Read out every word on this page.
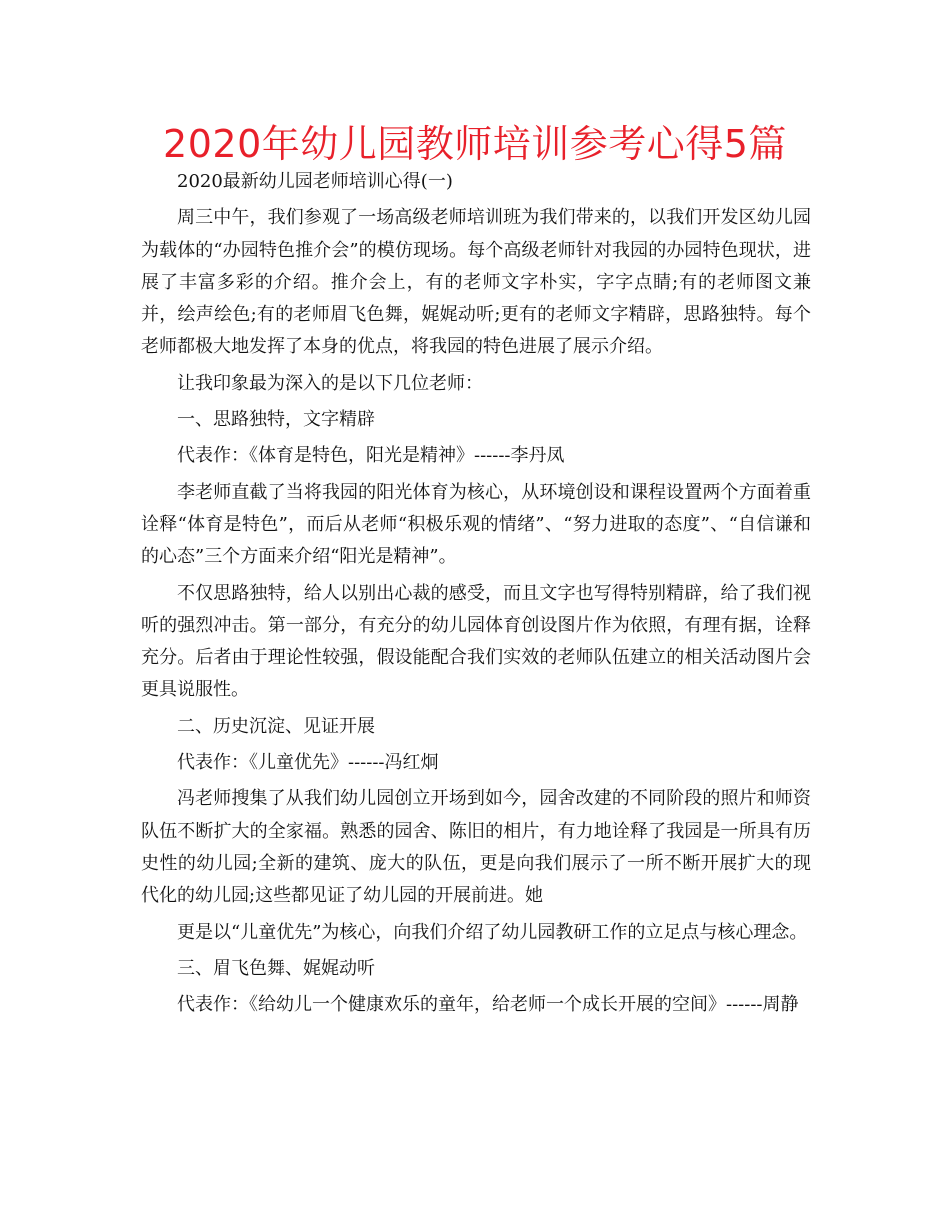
2020年幼儿园教师培训参考心得5篇

2020最新幼儿园老师培训心得(一)

周三中午，我们参观了一场高级老师培训班为我们带来的，以我们开发区幼儿园为载体的“办园特色推介会”的模仿现场。每个高级老师针对我园的办园特色现状，进展了丰富多彩的介绍。推介会上，有的老师文字朴实，字字点睛;有的老师图文兼并，绘声绘色;有的老师眉飞色舞，娓娓动听;更有的老师文字精辟，思路独特。每个老师都极大地发挥了本身的优点，将我园的特色进展了展示介绍。

让我印象最为深入的是以下几位老师：

一、思路独特，文字精辟

代表作：《体育是特色，阳光是精神》------李丹凤

李老师直截了当将我园的阳光体育为核心，从环境创设和课程设置两个方面着重诠释“体育是特色”，而后从老师“积极乐观的情绪”、“努力进取的态度”、“自信谦和的心态”三个方面来介绍“阳光是精神”。

不仅思路独特，给人以别出心裁的感受，而且文字也写得特别精辟，给了我们视听的强烈冲击。第一部分，有充分的幼儿园体育创设图片作为依照，有理有据，诠释充分。后者由于理论性较强，假设能配合我们实效的老师队伍建立的相关活动图片会更具说服性。

二、历史沉淀、见证开展

代表作：《儿童优先》------冯红炯

冯老师搜集了从我们幼儿园创立开场到如今，园舍改建的不同阶段的照片和师资队伍不断扩大的全家福。熟悉的园舍、陈旧的相片，有力地诠释了我园是一所具有历史性的幼儿园;全新的建筑、庞大的队伍，更是向我们展示了一所不断开展扩大的现代化的幼儿园;这些都见证了幼儿园的开展前进。她

更是以“儿童优先”为核心，向我们介绍了幼儿园教研工作的立足点与核心理念。

三、眉飞色舞、娓娓动听

代表作：《给幼儿一个健康欢乐的童年，给老师一个成长开展的空间》------周静
